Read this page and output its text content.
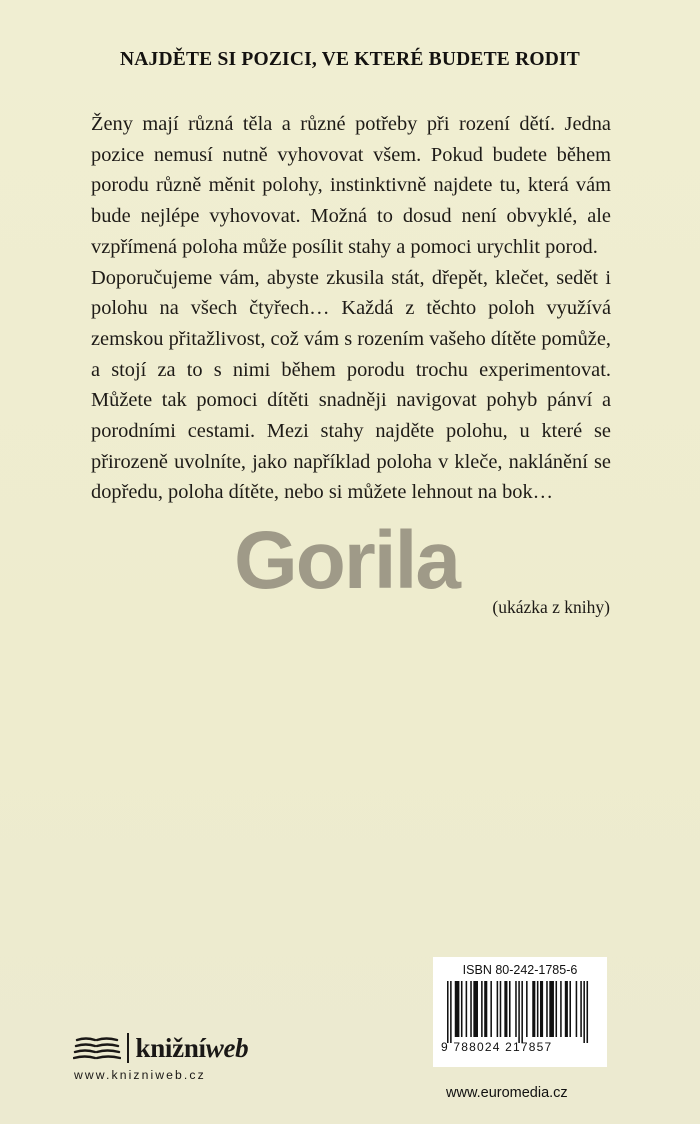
NAJDĚTE SI POZICI, VE KTERÉ BUDETE RODIT

Ženy mají různá těla a různé potřeby při rození dětí. Jedna pozice nemusí nutně vyhovovat všem. Pokud budete během porodu různě měnit polohy, instinktivně najdete tu, která vám bude nejlépe vyhovovat. Možná to dosud není obvyklé, ale vzpřímená poloha může posílit stahy a pomoci urychlit porod.

Doporučujeme vám, abyste zkusila stát, dřepět, klečet, sedět i polohu na všech čtyřech… Každá z těchto poloh využívá zemskou přitažlivost, což vám s rozením vašeho dítěte pomůže, a stojí za to s nimi během porodu trochu experimentovat. Můžete tak pomoci dítěti snadněji navigovat pohyb pánví a porodními cestami. Mezi stahy najděte polohu, u které se přirozeně uvolníte, jako například poloha v kleče, naklánění se dopředu, poloha dítěte, nebo si můžete lehnout na bok…

(ukázka z knihy)
Gorila
knižníweb
www.knizniweb.cz
ISBN 80-242-1785-6
9 788024 217857
www.euromedia.cz
